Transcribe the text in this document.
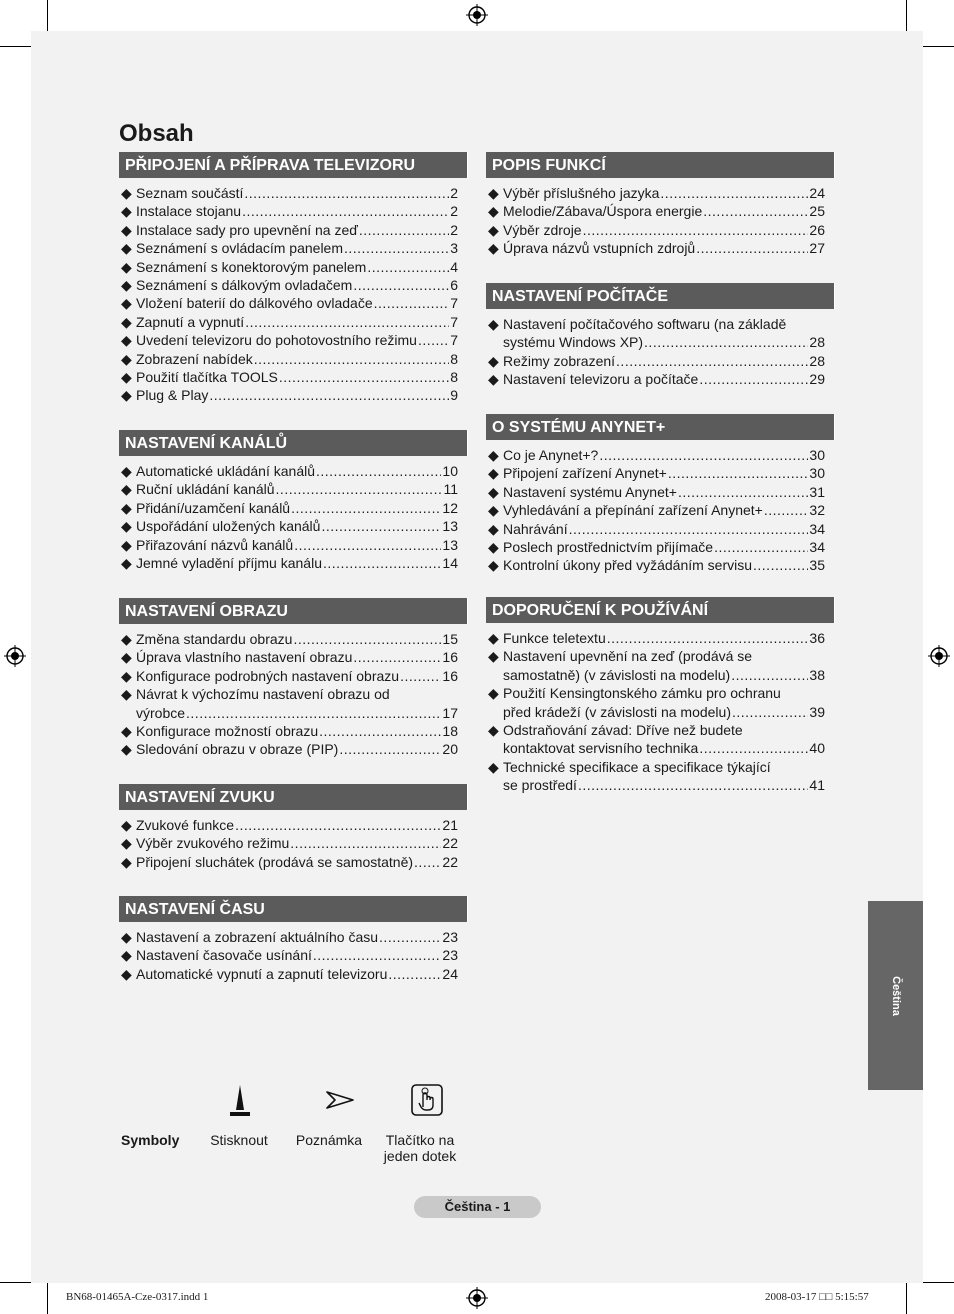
Obsah
PŘIPOJENÍ A PŘÍPRAVA TELEVIZORU
◆ Seznam součástí .....	2
◆ Instalace stojanu .....	2
◆ Instalace sady pro upevnění na zeď .....	2
◆ Seznámení s ovládacím panelem .....	3
◆ Seznámení s konektorovým panelem .....	4
◆ Seznámení s dálkovým ovladačem .....	6
◆ Vložení baterií do dálkového ovladače .....	7
◆ Zapnutí a vypnutí .....	7
◆ Uvedení televizoru do pohotovostního režimu ..... 7
◆ Zobrazení nabídek .....	8
◆ Použití tlačítka TOOLS .....	8
◆ Plug & Play .....	9
NASTAVENÍ KANÁLŮ
◆ Automatické ukládání kanálů .....	10
◆ Ruční ukládání kanálů .....	11
◆ Přidání/uzamčení kanálů .....	12
◆ Uspořádání uložených kanálů .....	13
◆ Přiřazování názvů kanálů .....	13
◆ Jemné vyladění příjmu kanálu .....	14
NASTAVENÍ OBRAZU
◆ Změna standardu obrazu .....	15
◆ Úprava vlastního nastavení obrazu .....	16
◆ Konfigurace podrobných nastavení obrazu .....	16
◆ Návrat k výchozímu nastavení obrazu od
výrobce .....	17
◆ Konfigurace možností obrazu .....	18
◆ Sledování obrazu v obraze (PIP) .....	20
NASTAVENÍ ZVUKU
◆ Zvukové funkce .....	21
◆ Výběr zvukového režimu .....	22
◆ Připojení sluchátek (prodává se samostatně) ..... 22
NASTAVENÍ ČASU
◆ Nastavení a zobrazení aktuálního času .....	23
◆ Nastavení časovače usínání .....	23
◆ Automatické vypnutí a zapnutí televizoru .....	24
POPIS FUNKCÍ
◆ Výběr příslušného jazyka .....	24
◆ Melodie/Zábava/Úspora energie .....	25
◆ Výběr zdroje .....	26
◆ Úprava názvů vstupních zdrojů .....	27
NASTAVENÍ POČÍTAČE
◆ Nastavení počítačového softwaru (na základě
systému Windows XP) .....	28
◆ Režimy zobrazení .....	28
◆ Nastavení televizoru a počítače .....	29
O SYSTÉMU ANYNET+
◆ Co je Anynet+? .....	30
◆ Připojení zařízení Anynet+ .....	30
◆ Nastavení systému Anynet+ .....	31
◆ Vyhledávání a přepínání zařízení Anynet+ .....	32
◆ Nahrávání .....	34
◆ Poslech prostřednictvím přijímače .....	34
◆ Kontrolní úkony před vyžádáním servisu .....	35
DOPORUČENÍ K POUŽÍVÁNÍ
◆ Funkce teletextu .....	36
◆ Nastavení upevnění na zeď (prodává se
samostatně) (v závislosti na modelu) .....	38
◆ Použití Kensingtonského zámku pro ochranu
před krádeží (v závislosti na modelu) .....	39
◆ Odstraňování závad: Dříve než budete
kontaktovat servisního technika .....	40
◆ Technické specifikace a specifikace týkající
se prostředí .....	41
Symboly	Stisknout	Poznámka	Tlačítko na
jeden dotek
Čeština
Čeština - 1
BN68-01465A-Cze-0317.indd 1	2008-03-17 □□ 5:15:57
